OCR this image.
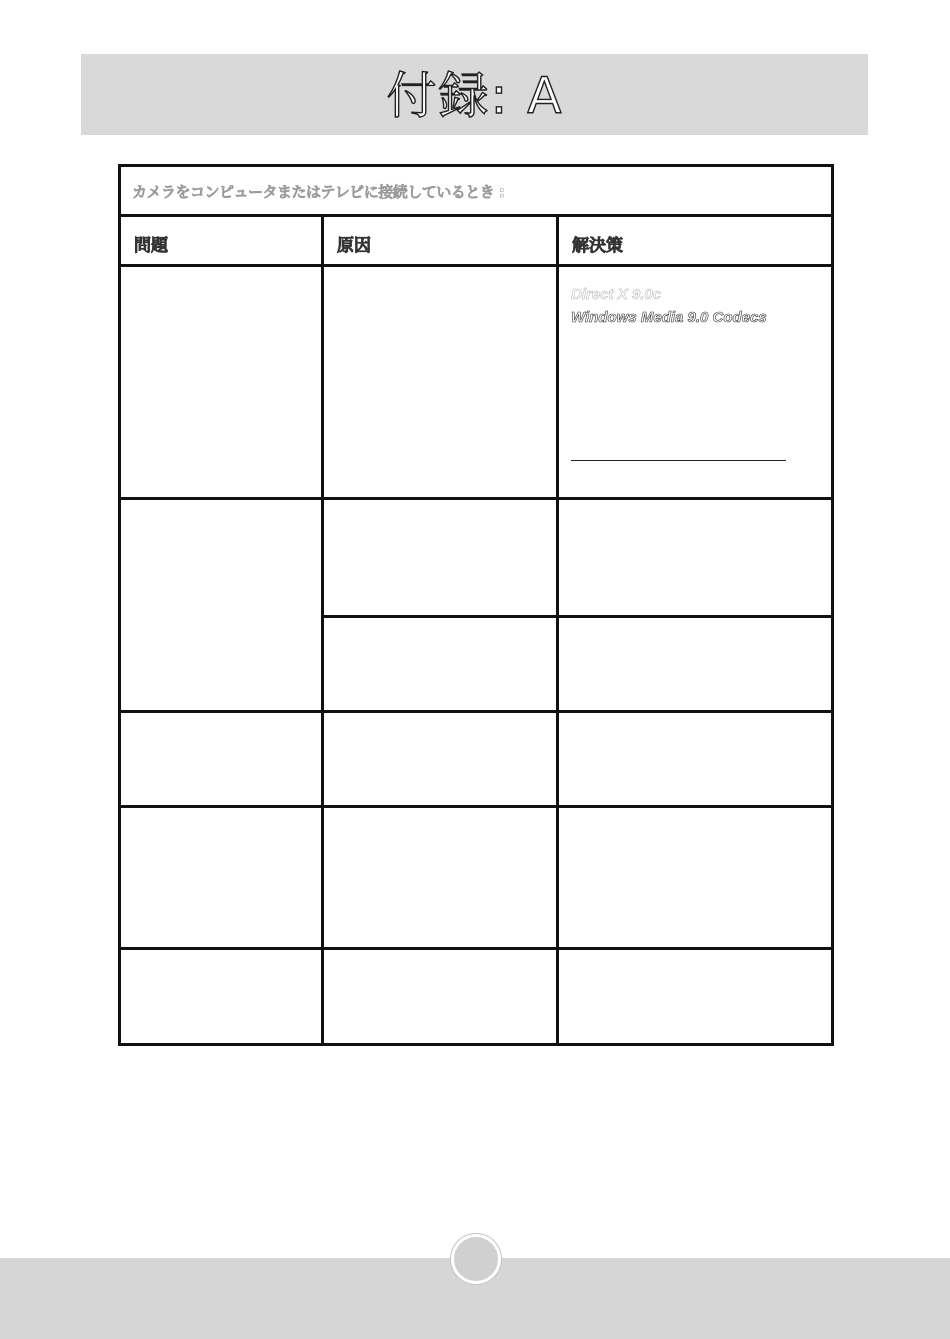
付録: A
カメラをコンピュータまたはテレビに接続しているとき :		

問題	原因	解決策

		Direct X 9.0c
Windows Media 9.0 Codecs
